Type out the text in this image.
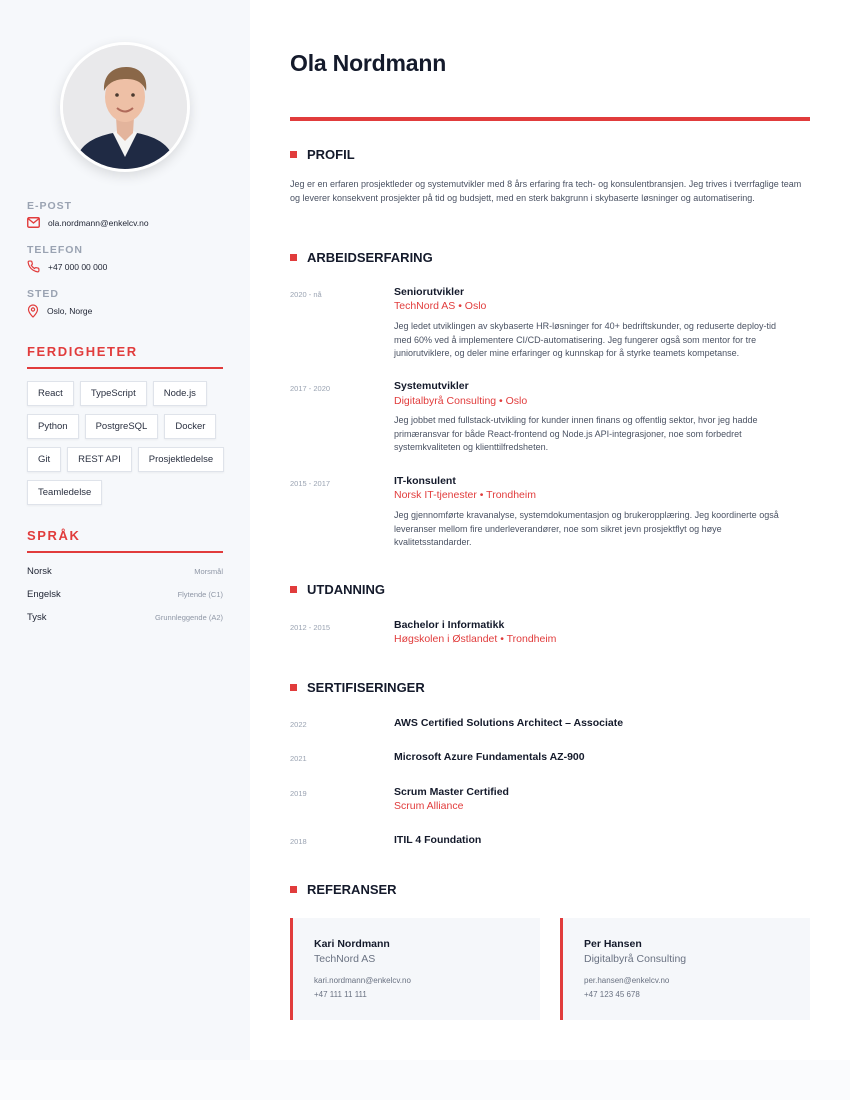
E-POST
ola.nordmann@enkelcv.no
TELEFON
+47 000 00 000
STED
Oslo, Norge
FERDIGHETER
React	TypeScript	Node.js
Python	PostgreSQL	Docker
Git	REST API	Prosjektledelse
Teamledelse
SPRÅK
Norsk	Morsmål
Engelsk	Flytende (C1)
Tysk	Grunnleggende (A2)
Ola Nordmann
PROFIL
Jeg er en erfaren prosjektleder og systemutvikler med 8 års erfaring fra tech- og konsulentbransjen. Jeg trives i tverrfaglige team og leverer konsekvent prosjekter på tid og budsjett, med en sterk bakgrunn i skybaserte løsninger og automatisering.
ARBEIDSERFARING
2020 - nå	Seniorutvikler
TechNord AS • Oslo
Jeg ledet utviklingen av skybaserte HR-løsninger for 40+ bedriftskunder, og reduserte deploy-tid med 60% ved å implementere CI/CD-automatisering. Jeg fungerer også som mentor for tre juniorutviklere, og deler mine erfaringer og kunnskap for å styrke teamets kompetanse.
2017 - 2020	Systemutvikler
Digitalbyrå Consulting • Oslo
Jeg jobbet med fullstack-utvikling for kunder innen finans og offentlig sektor, hvor jeg hadde primæransvar for både React-frontend og Node.js API-integrasjoner, noe som forbedret systemkvaliteten og klienttilfredsheten.
2015 - 2017	IT-konsulent
Norsk IT-tjenester • Trondheim
Jeg gjennomførte kravanalyse, systemdokumentasjon og brukeropplæring. Jeg koordinerte også leveranser mellom fire underleverandører, noe som sikret jevn prosjektflyt og høye kvalitetsstandarder.
UTDANNING
2012 - 2015	Bachelor i Informatikk
Høgskolen i Østlandet • Trondheim
SERTIFISERINGER
2022	AWS Certified Solutions Architect – Associate
2021	Microsoft Azure Fundamentals AZ-900
2019	Scrum Master Certified
Scrum Alliance
2018	ITIL 4 Foundation
REFERANSER
Kari Nordmann
TechNord AS
kari.nordmann@enkelcv.no
+47 111 11 111
Per Hansen
Digitalbyrå Consulting
per.hansen@enkelcv.no
+47 123 45 678
